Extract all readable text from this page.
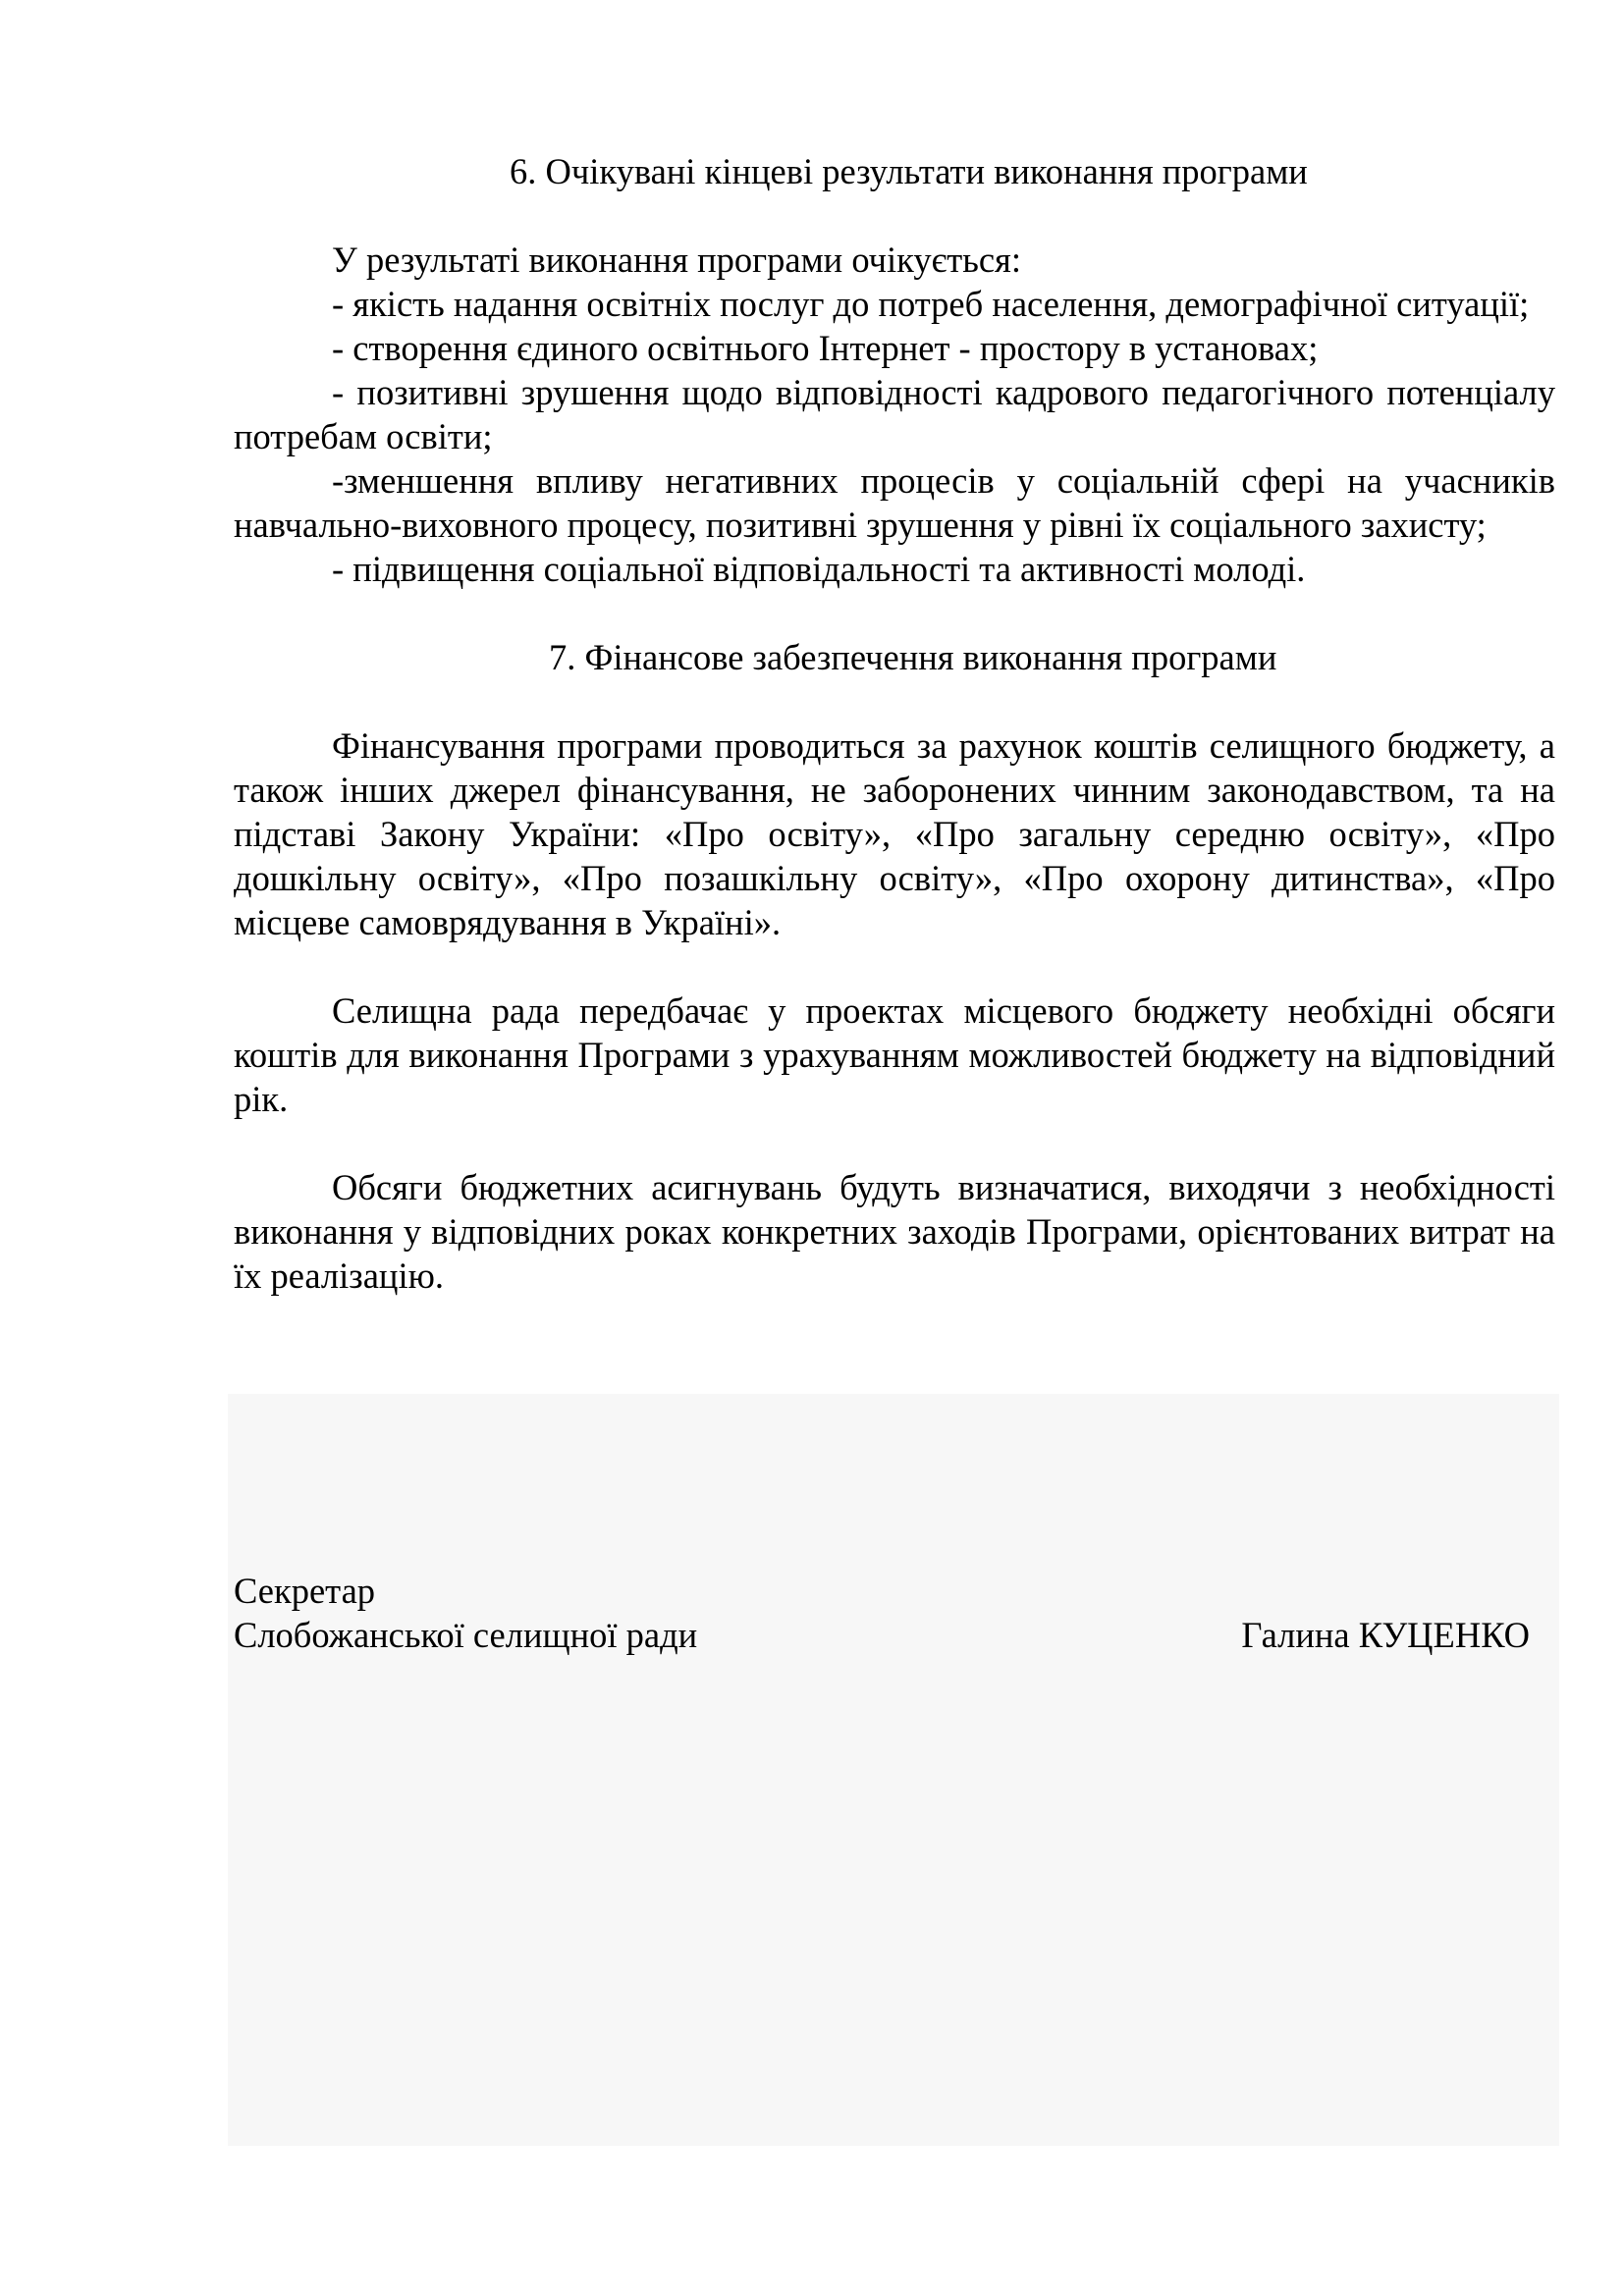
6. Очікувані кінцеві результати виконання програми

У результаті виконання програми очікується:

- якість надання освітніх послуг до потреб населення, демографічної ситуації;

- створення єдиного освітнього Інтернет - простору в установах;

- позитивні зрушення щодо відповідності кадрового педагогічного потенціалу потребам освіти;

-зменшення впливу негативних процесів у соціальній сфері на учасників навчально-виховного процесу, позитивні зрушення у рівні їх соціального захисту;

- підвищення соціальної відповідальності та активності молоді.

7. Фінансове забезпечення виконання програми

Фінансування програми проводиться за рахунок коштів селищного бюджету, а також інших джерел фінансування, не заборонених чинним законодавством, та на підставі Закону України: «Про освіту», «Про загальну середню освіту», «Про дошкільну освіту», «Про позашкільну освіту», «Про охорону дитинства», «Про місцеве самоврядування в Україні».

Селищна рада передбачає у проектах місцевого бюджету необхідні обсяги коштів для виконання Програми з урахуванням можливостей бюджету на відповідний рік.

Обсяги бюджетних асигнувань будуть визначатися, виходячи з необхідності виконання у відповідних роках конкретних заходів Програми, орієнтованих витрат на їх реалізацію.

Секретар
Слобожанської селищної ради	Галина КУЦЕНКО
